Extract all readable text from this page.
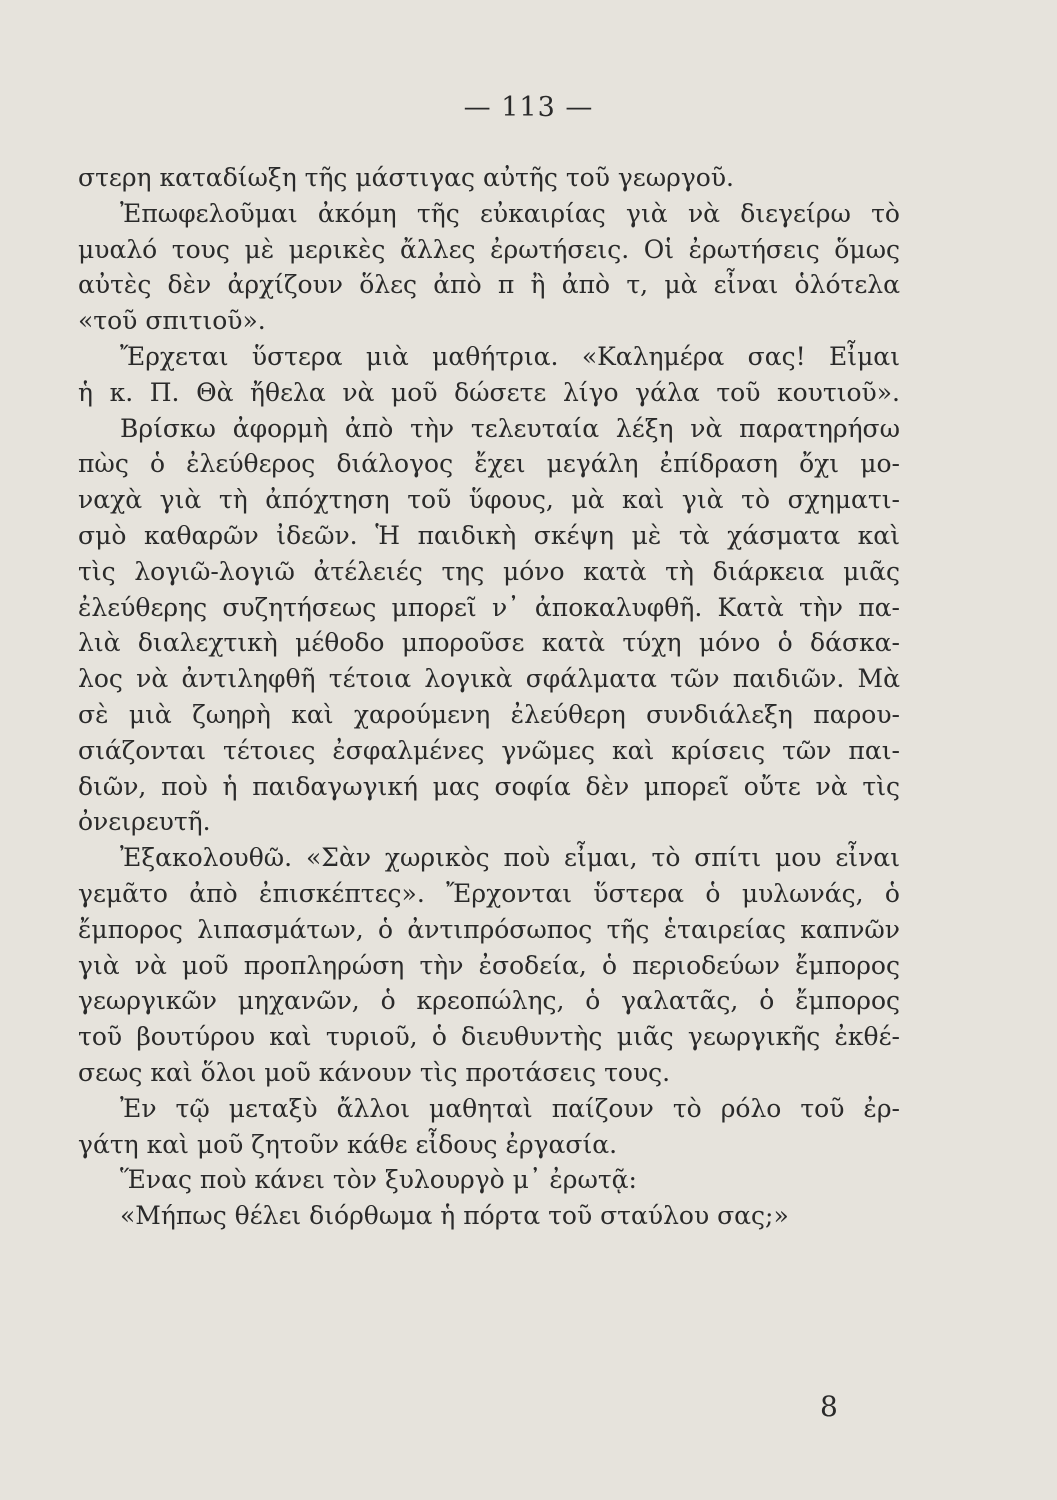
— 113 —
στερη καταδίωξη τῆς μάστιγας αὐτῆς τοῦ γεωργοῦ.
Ἐπωφελοῦμαι ἀκόμη τῆς εὐκαιρίας γιὰ νὰ διεγείρω τὸ
μυαλό τους μὲ μερικὲς ἄλλες ἐρωτήσεις. Οἱ ἐρωτήσεις ὅμως
αὐτὲς δὲν ἀρχίζουν ὅλες ἀπὸ π ἢ ἀπὸ τ, μὰ εἶναι ὁλότελα
«τοῦ σπιτιοῦ».
Ἔρχεται ὕστερα μιὰ μαθήτρια. «Καλημέρα σας! Εἶμαι
ἡ κ. Π. Θὰ ἤθελα νὰ μοῦ δώσετε λίγο γάλα τοῦ κουτιοῦ».
Βρίσκω ἀφορμὴ ἀπὸ τὴν τελευταία λέξη νὰ παρατηρήσω
πὼς ὁ ἐλεύθερος διάλογος ἔχει μεγάλη ἐπίδραση ὄχι μο-
ναχὰ γιὰ τὴ ἀπόχτηση τοῦ ὕφους, μὰ καὶ γιὰ τὸ σχηματι-
σμὸ καθαρῶν ἰδεῶν. Ἡ παιδικὴ σκέψη μὲ τὰ χάσματα καὶ
τὶς λογιῶ-λογιῶ ἀτέλειές της μόνο κατὰ τὴ διάρκεια μιᾶς
ἐλεύθερης συζητήσεως μπορεῖ ν᾽ ἀποκαλυφθῆ. Κατὰ τὴν πα-
λιὰ διαλεχτικὴ μέθοδο μποροῦσε κατὰ τύχη μόνο ὁ δάσκα-
λος νὰ ἀντιληφθῆ τέτοια λογικὰ σφάλματα τῶν παιδιῶν. Μὰ
σὲ μιὰ ζωηρὴ καὶ χαρούμενη ἐλεύθερη συνδιάλεξη παρου-
σιάζονται τέτοιες ἐσφαλμένες γνῶμες καὶ κρίσεις τῶν παι-
διῶν, ποὺ ἡ παιδαγωγική μας σοφία δὲν μπορεῖ οὔτε νὰ τὶς
ὀνειρευτῆ.
Ἐξακολουθῶ. «Σὰν χωρικὸς ποὺ εἶμαι, τὸ σπίτι μου εἶναι
γεμᾶτο ἀπὸ ἐπισκέπτες». Ἔρχονται ὕστερα ὁ μυλωνάς, ὁ
ἔμπορος λιπασμάτων, ὁ ἀντιπρόσωπος τῆς ἑταιρείας καπνῶν
γιὰ νὰ μοῦ προπληρώση τὴν ἐσοδεία, ὁ περιοδεύων ἔμπορος
γεωργικῶν μηχανῶν, ὁ κρεοπώλης, ὁ γαλατᾶς, ὁ ἔμπορος
τοῦ βουτύρου καὶ τυριοῦ, ὁ διευθυντὴς μιᾶς γεωργικῆς ἐκθέ-
σεως καὶ ὅλοι μοῦ κάνουν τὶς προτάσεις τους.
Ἐν τῷ μεταξὺ ἄλλοι μαθηταὶ παίζουν τὸ ρόλο τοῦ ἐρ-
γάτη καὶ μοῦ ζητοῦν κάθε εἶδους ἐργασία.
Ἕνας ποὺ κάνει τὸν ξυλουργὸ μ᾽ ἐρωτᾷ:
«Μήπως θέλει διόρθωμα ἡ πόρτα τοῦ σταύλου σας;»
8
